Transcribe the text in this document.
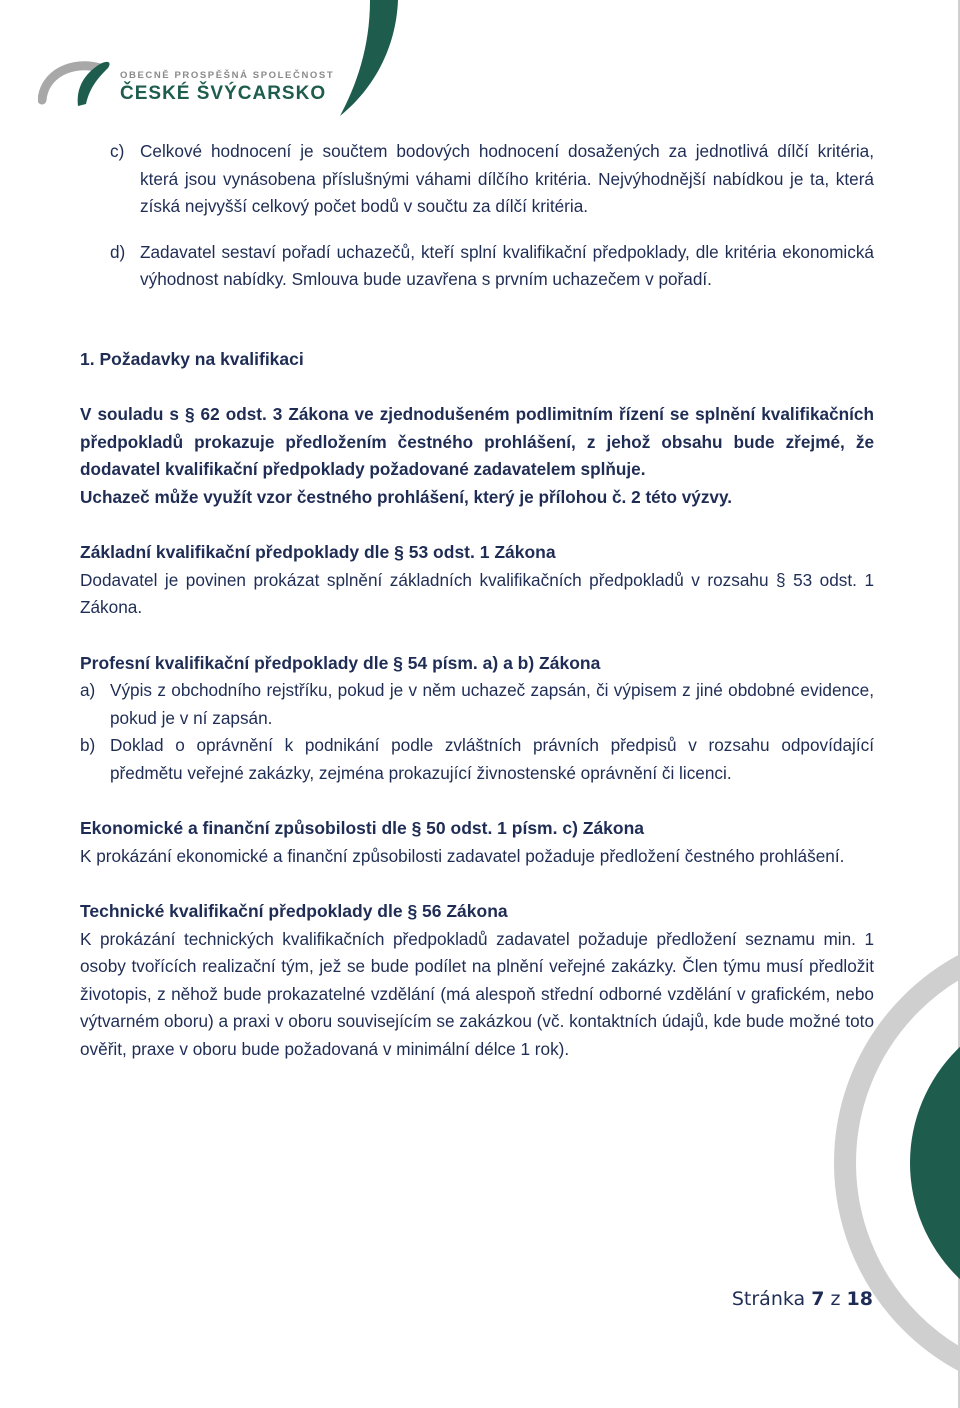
OBECNĚ PROSPĚŠNÁ SPOLEČNOST
ČESKÉ ŠVÝCARSKO
c) Celkové hodnocení je součtem bodových hodnocení dosažených za jednotlivá dílčí kritéria, která jsou vynásobena příslušnými váhami dílčího kritéria. Nejvýhodnější nabídkou je ta, která získá nejvyšší celkový počet bodů v součtu za dílčí kritéria.

d) Zadavatel sestaví pořadí uchazečů, kteří splní kvalifikační předpoklady, dle kritéria ekonomická výhodnost nabídky. Smlouva bude uzavřena s prvním uchazečem v pořadí.

1. Požadavky na kvalifikaci

V souladu s § 62 odst. 3 Zákona ve zjednodušeném podlimitním řízení se splnění kvalifikačních předpokladů prokazuje předložením čestného prohlášení, z jehož obsahu bude zřejmé, že dodavatel kvalifikační předpoklady požadované zadavatelem splňuje.

Uchazeč může využít vzor čestného prohlášení, který je přílohou č. 2 této výzvy.

Základní kvalifikační předpoklady dle § 53 odst. 1 Zákona

Dodavatel je povinen prokázat splnění základních kvalifikačních předpokladů v rozsahu § 53 odst. 1 Zákona.

Profesní kvalifikační předpoklady dle § 54 písm. a) a b) Zákona

a) Výpis z obchodního rejstříku, pokud je v něm uchazeč zapsán, či výpisem z jiné obdobné evidence, pokud je v ní zapsán.

b) Doklad o oprávnění k podnikání podle zvláštních právních předpisů v rozsahu odpovídající předmětu veřejné zakázky, zejména prokazující živnostenské oprávnění či licenci.

Ekonomické a finanční způsobilosti dle § 50 odst. 1 písm. c) Zákona

K prokázání ekonomické a finanční způsobilosti zadavatel požaduje předložení čestného prohlášení.

Technické kvalifikační předpoklady dle § 56 Zákona

K prokázání technických kvalifikačních předpokladů zadavatel požaduje předložení seznamu min. 1 osoby tvořících realizační tým, jež se bude podílet na plnění veřejné zakázky. Člen týmu musí předložit životopis, z něhož bude prokazatelné vzdělání (má alespoň střední odborné vzdělání v grafickém, nebo výtvarném oboru) a praxi v oboru souvisejícím se zakázkou (vč. kontaktních údajů, kde bude možné toto ověřit, praxe v oboru bude požadovaná v minimální délce 1 rok).

Stránka 7 z 18
